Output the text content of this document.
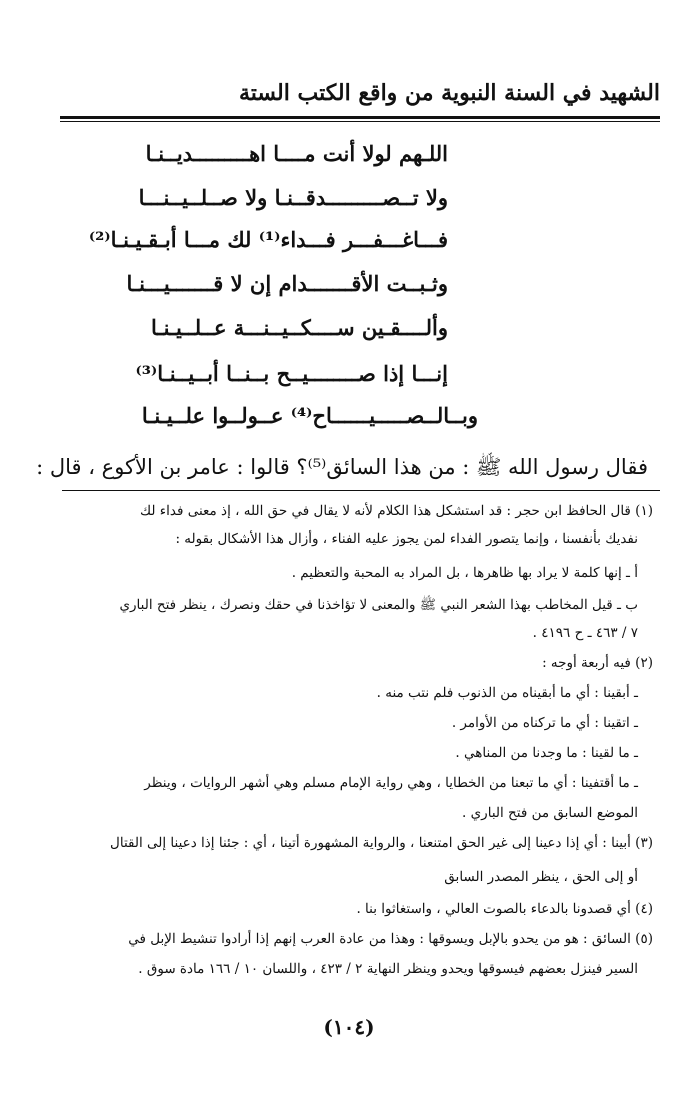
الشهيد في السنة النبوية من واقع الكتب الستة
اللـهم لولا أنت مــــا اهـــــــــديــنـا
ولا تــصـــــــــدقــنـا ولا صــلــيــنـــا
فـــاغـــفـــر فـــداء⁽¹⁾ لك مـــا أبـقـيـنـا⁽²⁾
وثـبــت الأقـــــــدام إن لا قـــــــيـــنـا
وألــــقـين ســــكــيــنـــة عــلــيـنـا
إنـــا إذا صــــــــيــح بــنــا أبــيــنـا⁽³⁾
وبــالــصـــــيــــــاح⁽⁴⁾ عــولــوا علــيـنـا
فقال رسول الله ﷺ : من هذا السائق⁽⁵⁾؟ قالوا : عامر بن الأكوع ، قال :
(١) قال الحافظ ابن حجر : قد استشكل هذا الكلام لأنه لا يقال في حق الله ، إذ معنى فداء لك
نفديك بأنفسنا ، وإنما يتصور الفداء لمن يجوز عليه الفناء ، وأزال هذا الأشكال بقوله :
أ ـ إنها كلمة لا يراد بها ظاهرها ، بل المراد به المحبة والتعظيم .
ب ـ قيل المخاطب بهذا الشعر النبي ﷺ والمعنى لا تؤاخذنا في حقك ونصرك ، ينظر فتح الباري
٧ / ٤٦٣ ـ ح ٤١٩٦ .
(٢) فيه أربعة أوجه :
ـ أبقينا : أي ما أبقيناه من الذنوب فلم نتب منه .
ـ اتقينا : أي ما تركناه من الأوامر .
ـ ما لقينا : ما وجدنا من المناهي .
ـ ما أقتفينا : أي ما تبعنا من الخطايا ، وهي رواية الإمام مسلم وهي أشهر الروايات ، وينظر
الموضع السابق من فتح الباري .
(٣) أبينا : أي إذا دعينا إلى غير الحق امتنعنا ، والرواية المشهورة أتينا ، أي : جئنا إذا دعينا إلى القتال
أو إلى الحق ، ينظر المصدر السابق
(٤) أي قصدونا بالدعاء بالصوت العالي ، واستغاثوا بنا .
(٥) السائق : هو من يحدو بالإبل ويسوقها : وهذا من عادة العرب إنهم إذا أرادوا تنشيط الإبل في
السير فينزل بعضهم فيسوقها ويحدو وينظر النهاية ٢ / ٤٢٣ ، واللسان ١٠ / ١٦٦ مادة سوق .
(١٠٤)
